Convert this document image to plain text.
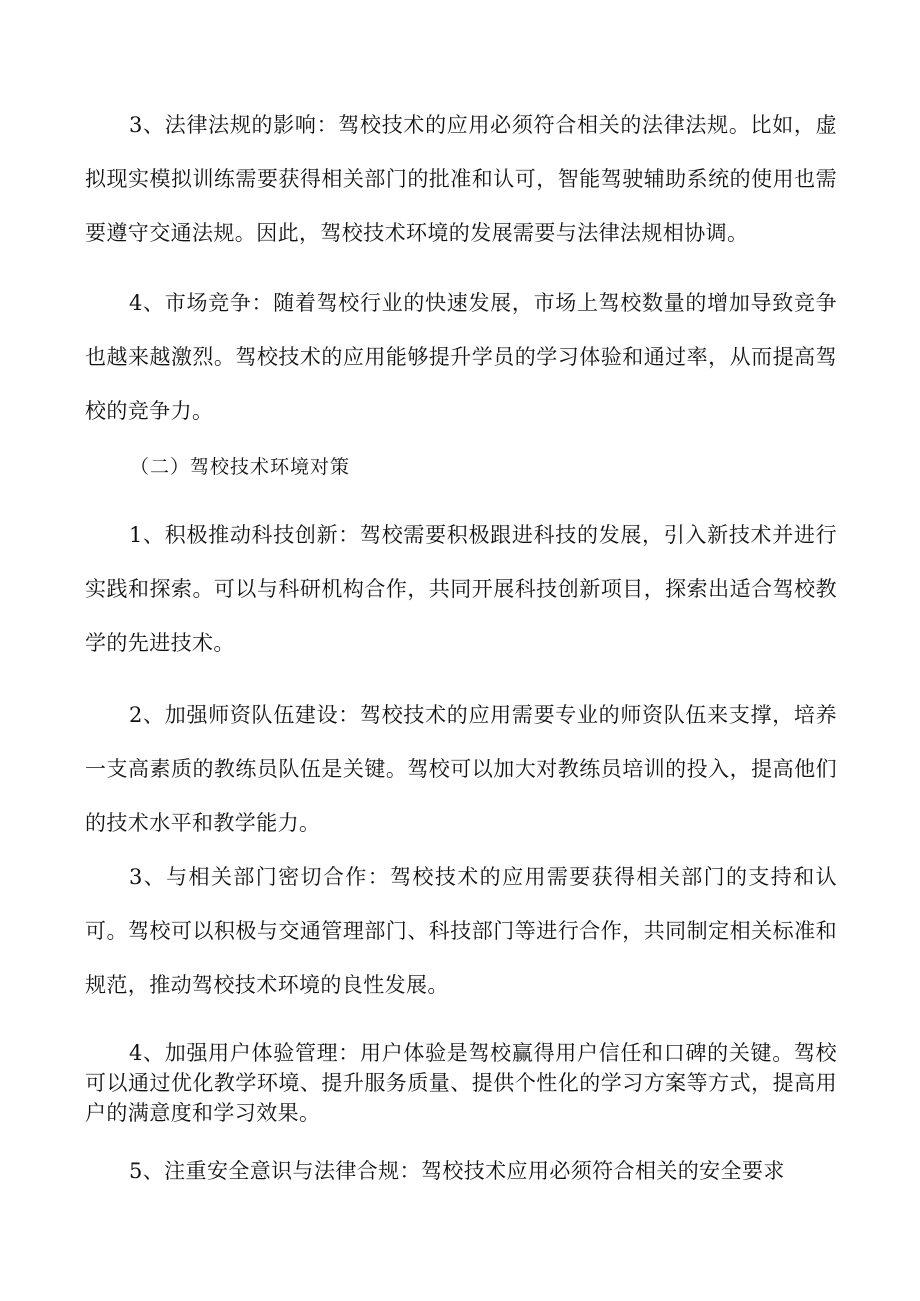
3、法律法规的影响：驾校技术的应用必须符合相关的法律法规。比如，虚拟现实模拟训练需要获得相关部门的批准和认可，智能驾驶辅助系统的使用也需要遵守交通法规。因此，驾校技术环境的发展需要与法律法规相协调。

4、市场竞争：随着驾校行业的快速发展，市场上驾校数量的增加导致竞争也越来越激烈。驾校技术的应用能够提升学员的学习体验和通过率，从而提高驾校的竞争力。

（二）驾校技术环境对策

1、积极推动科技创新：驾校需要积极跟进科技的发展，引入新技术并进行实践和探索。可以与科研机构合作，共同开展科技创新项目，探索出适合驾校教学的先进技术。

2、加强师资队伍建设：驾校技术的应用需要专业的师资队伍来支撑，培养一支高素质的教练员队伍是关键。驾校可以加大对教练员培训的投入，提高他们的技术水平和教学能力。

3、与相关部门密切合作：驾校技术的应用需要获得相关部门的支持和认可。驾校可以积极与交通管理部门、科技部门等进行合作，共同制定相关标准和规范，推动驾校技术环境的良性发展。

4、加强用户体验管理：用户体验是驾校赢得用户信任和口碑的关键。驾校可以通过优化教学环境、提升服务质量、提供个性化的学习方案等方式，提高用户的满意度和学习效果。

5、注重安全意识与法律合规：驾校技术应用必须符合相关的安全要求
